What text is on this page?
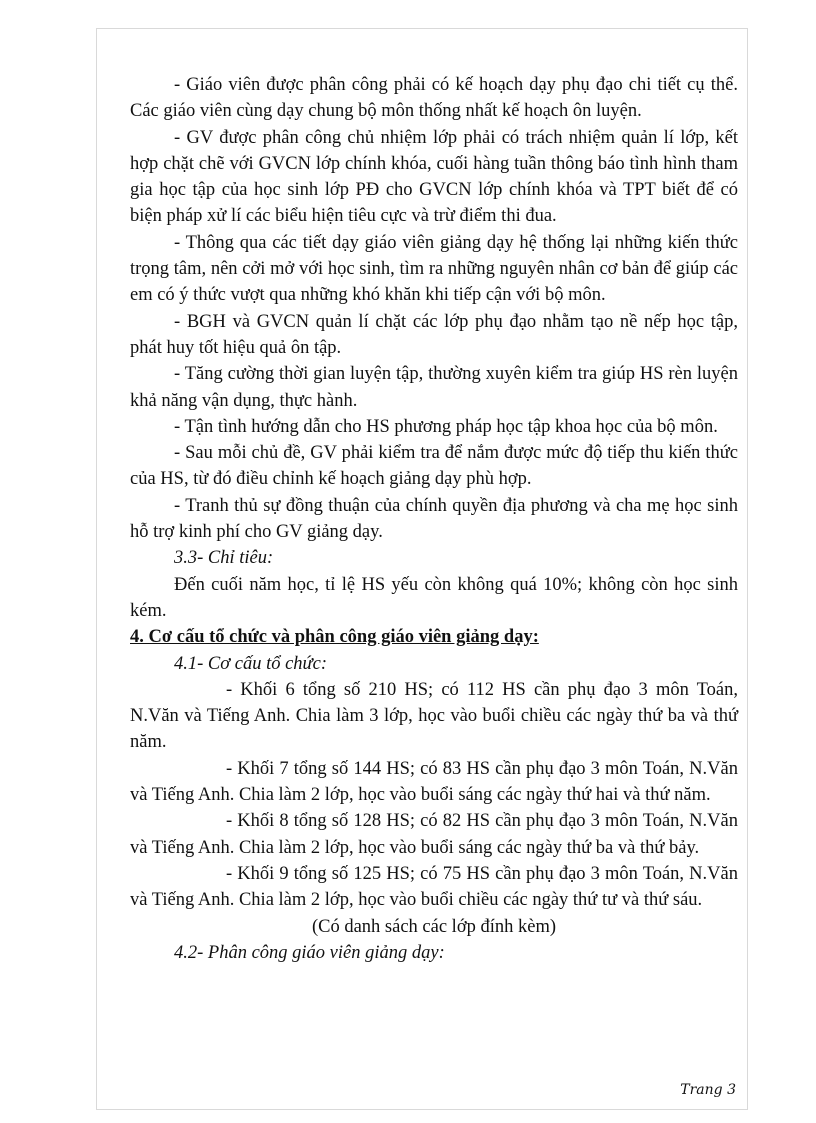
- Giáo viên được phân công phải có kế hoạch dạy phụ đạo chi tiết cụ thể. Các giáo viên cùng dạy chung bộ môn thống nhất kế hoạch ôn luyện.

- GV được phân công chủ nhiệm lớp phải có trách nhiệm quản lí lớp, kết hợp chặt chẽ với GVCN lớp chính khóa, cuối hàng tuần thông báo tình hình tham gia học tập của học sinh lớp PĐ cho GVCN lớp chính khóa và TPT biết để có biện pháp xử lí các biểu hiện tiêu cực và trừ điểm thi đua.

- Thông qua các tiết dạy giáo viên giảng dạy hệ thống lại những kiến thức trọng tâm, nên cởi mở với học sinh, tìm ra những nguyên nhân cơ bản để giúp các em có ý thức vượt qua những khó khăn khi tiếp cận với bộ môn.

- BGH và GVCN quản lí chặt các lớp phụ đạo nhằm tạo nề nếp học tập, phát huy tốt hiệu quả ôn tập.

- Tăng cường thời gian luyện tập, thường xuyên kiểm tra giúp HS rèn luyện khả năng vận dụng, thực hành.

- Tận tình hướng dẫn cho HS phương pháp học tập khoa học của bộ môn.

- Sau mỗi chủ đề, GV phải kiểm tra để nắm được mức độ tiếp thu kiến thức của HS, từ đó điều chỉnh kế hoạch giảng dạy phù hợp.

- Tranh thủ sự đồng thuận của chính quyền địa phương và cha mẹ học sinh hỗ trợ kinh phí cho GV giảng dạy.

3.3- Chỉ tiêu:

Đến cuối năm học, tỉ lệ HS yếu còn không quá 10%; không còn học sinh kém.

4. Cơ cấu tổ chức và phân công giáo viên giảng dạy:

4.1- Cơ cấu tổ chức:

- Khối 6 tổng số 210 HS; có 112 HS cần phụ đạo 3 môn Toán, N.Văn và Tiếng Anh. Chia làm 3 lớp, học vào buổi chiều các ngày thứ ba và thứ năm.

- Khối 7 tổng số 144 HS; có 83 HS cần phụ đạo 3 môn Toán, N.Văn và Tiếng Anh. Chia làm 2 lớp, học vào buổi sáng các ngày thứ hai và thứ năm.

- Khối 8 tổng số 128 HS; có 82 HS cần phụ đạo 3 môn Toán, N.Văn và Tiếng Anh. Chia làm 2 lớp, học vào buổi sáng các ngày thứ ba và thứ bảy.

- Khối 9 tổng số 125 HS; có 75 HS cần phụ đạo 3 môn Toán, N.Văn và Tiếng Anh. Chia làm 2 lớp, học vào buổi chiều các ngày thứ tư và thứ sáu.

(Có danh sách các lớp đính kèm)

4.2- Phân công giáo viên giảng dạy:

Trang 3
